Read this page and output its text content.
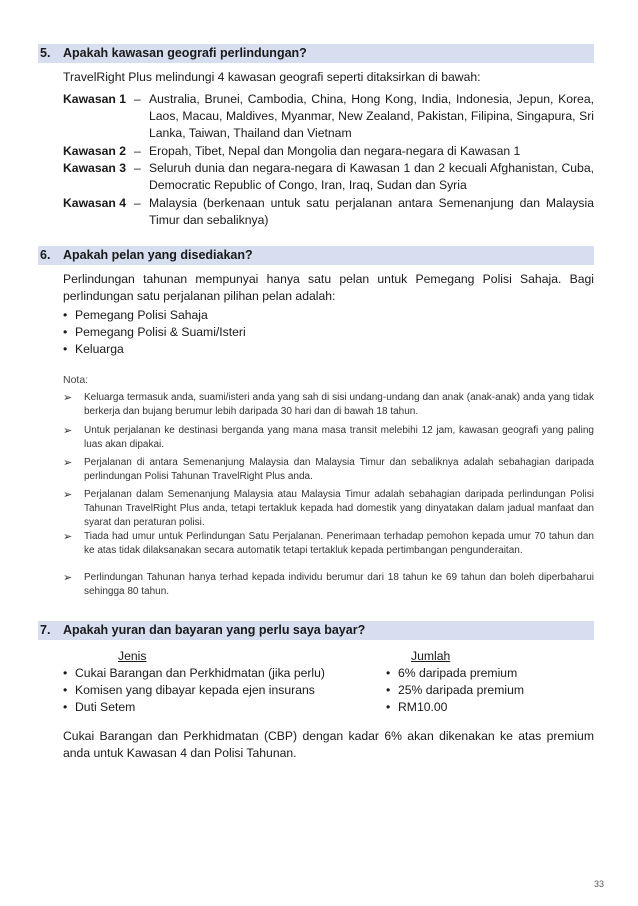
5. Apakah kawasan geografi perlindungan?
TravelRight Plus melindungi 4 kawasan geografi seperti ditaksirkan di bawah:
Kawasan 1 – Australia, Brunei, Cambodia, China, Hong Kong, India, Indonesia, Jepun, Korea, Laos, Macau, Maldives, Myanmar, New Zealand, Pakistan, Filipina, Singapura, Sri Lanka, Taiwan, Thailand dan Vietnam
Kawasan 2 – Eropah, Tibet, Nepal dan Mongolia dan negara-negara di Kawasan 1
Kawasan 3 – Seluruh dunia dan negara-negara di Kawasan 1 dan 2 kecuali Afghanistan, Cuba, Democratic Republic of Congo, Iran, Iraq, Sudan dan Syria
Kawasan 4 – Malaysia (berkenaan untuk satu perjalanan antara Semenanjung dan Malaysia Timur dan sebaliknya)
6. Apakah pelan yang disediakan?
Perlindungan tahunan mempunyai hanya satu pelan untuk Pemegang Polisi Sahaja. Bagi perlindungan satu perjalanan pilihan pelan adalah:
• Pemegang Polisi Sahaja
• Pemegang Polisi & Suami/Isteri
• Keluarga
Nota:
➢ Keluarga termasuk anda, suami/isteri anda yang sah di sisi undang-undang dan anak (anak-anak) anda yang tidak berkerja dan bujang berumur lebih daripada 30 hari dan di bawah 18 tahun.
➢ Untuk perjalanan ke destinasi berganda yang mana masa transit melebihi 12 jam, kawasan geografi yang paling luas akan dipakai.
➢ Perjalanan di antara Semenanjung Malaysia dan Malaysia Timur dan sebaliknya adalah sebahagian daripada perlindungan Polisi Tahunan TravelRight Plus anda.
➢ Perjalanan dalam Semenanjung Malaysia atau Malaysia Timur adalah sebahagian daripada perlindungan Polisi Tahunan TravelRight Plus anda, tetapi tertakluk kepada had domestik yang dinyatakan dalam jadual manfaat dan syarat dan peraturan polisi.
➢ Tiada had umur untuk Perlindungan Satu Perjalanan. Penerimaan terhadap pemohon kepada umur 70 tahun dan ke atas tidak dilaksanakan secara automatik tetapi tertakluk kepada pertimbangan pengunderaitan.
➢ Perlindungan Tahunan hanya terhad kepada individu berumur dari 18 tahun ke 69 tahun dan boleh diperbaharui sehingga 80 tahun.
7. Apakah yuran dan bayaran yang perlu saya bayar?
Jenis
• Cukai Barangan dan Perkhidmatan (jika perlu)
• Komisen yang dibayar kepada ejen insurans
• Duti Setem
Jumlah
• 6% daripada premium
• 25% daripada premium
• RM10.00
Cukai Barangan dan Perkhidmatan (CBP) dengan kadar 6% akan dikenakan ke atas premium anda untuk Kawasan 4 dan Polisi Tahunan.
33
